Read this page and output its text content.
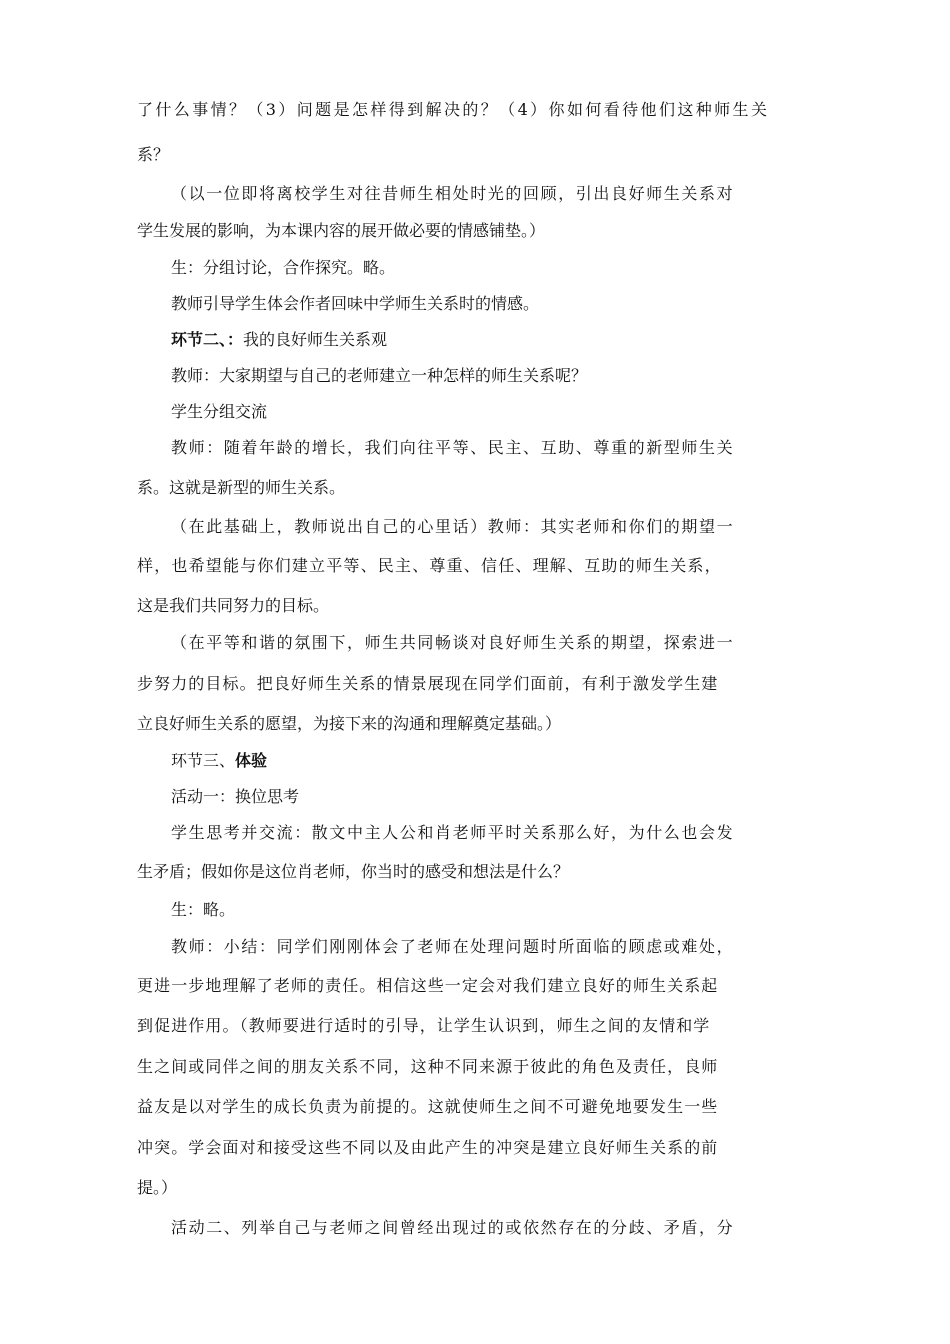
了什么事情？（3）问题是怎样得到解决的？（4）你如何看待他们这种师生关

系？

（以一位即将离校学生对往昔师生相处时光的回顾，引出良好师生关系对

学生发展的影响，为本课内容的展开做必要的情感铺垫。）

生：分组讨论，合作探究。略。

教师引导学生体会作者回味中学师生关系时的情感。

环节二、：我的良好师生关系观

教师：大家期望与自己的老师建立一种怎样的师生关系呢？

学生分组交流

教师：随着年龄的增长，我们向往平等、民主、互助、尊重的新型师生关

系。这就是新型的师生关系。

（在此基础上，教师说出自己的心里话）教师：其实老师和你们的期望一

样，也希望能与你们建立平等、民主、尊重、信任、理解、互助的师生关系，

这是我们共同努力的目标。

（在平等和谐的氛围下，师生共同畅谈对良好师生关系的期望，探索进一

步努力的目标。把良好师生关系的情景展现在同学们面前，有利于激发学生建

立良好师生关系的愿望，为接下来的沟通和理解奠定基础。）

环节三、体验

活动一：换位思考

学生思考并交流：散文中主人公和肖老师平时关系那么好，为什么也会发

生矛盾；假如你是这位肖老师，你当时的感受和想法是什么？

生：略。

教师：小结：同学们刚刚体会了老师在处理问题时所面临的顾虑或难处，

更进一步地理解了老师的责任。相信这些一定会对我们建立良好的师生关系起

到促进作用。（教师要进行适时的引导，让学生认识到，师生之间的友情和学

生之间或同伴之间的朋友关系不同，这种不同来源于彼此的角色及责任，良师

益友是以对学生的成长负责为前提的。这就使师生之间不可避免地要发生一些

冲突。学会面对和接受这些不同以及由此产生的冲突是建立良好师生关系的前

提。）

活动二、列举自己与老师之间曾经出现过的或依然存在的分歧、矛盾，分
